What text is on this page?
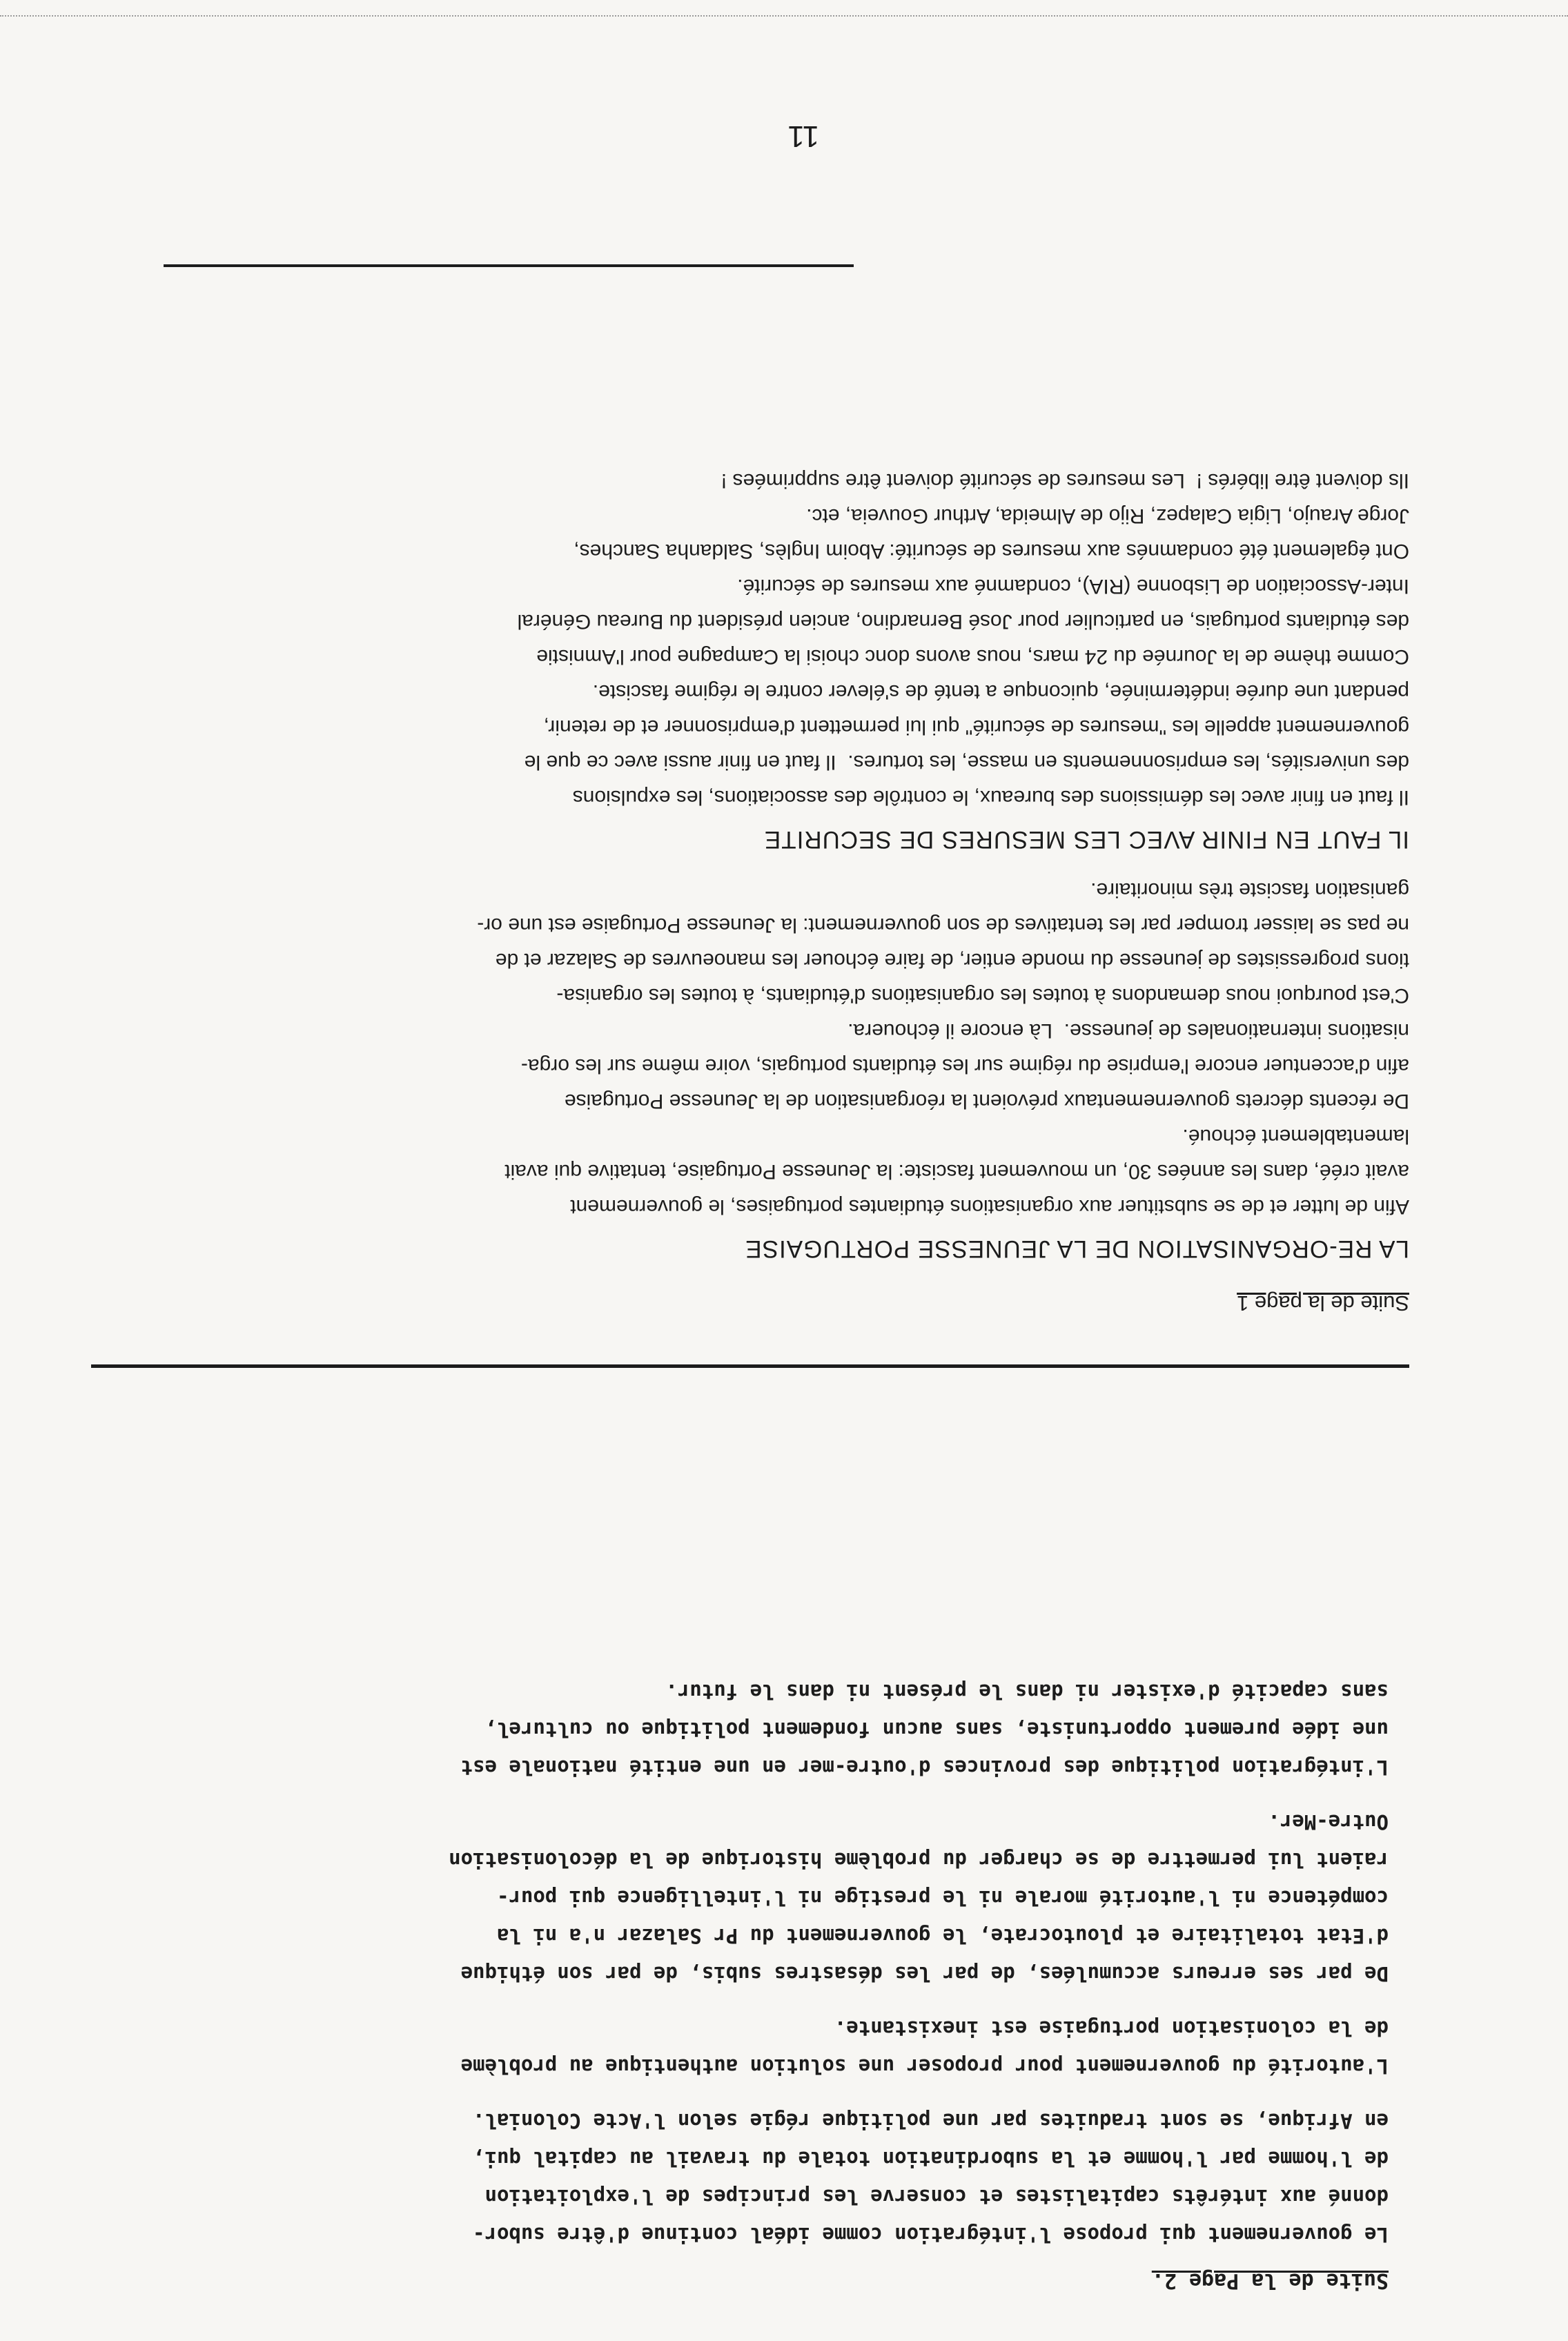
Suite de la Page 2.
Le gouvernement qui propose l'intégration comme idéal continue d'être subor-
donné aux intérêts capitalistes et conserve les principes de l'exploitation
de l'homme par l'homme et la subordination totale du travail au capital qui,
en Afrique, se sont traduites par une politique régie selon l'Acte Colonial.
L'autorité du gouvernement pour proposer une solution authentique au problème
de la colonisation portugaise est inexistante.
De par ses erreurs accumulées, de par les désastres subis, de par son éthique
d'Etat totalitaire et ploutocrate, le gouvernement du Pr Salazar n'a ni la
compétence ni l'autorité morale ni le prestige ni l'intelligence qui pour-
raient lui permettre de se charger du problème historique de la décolonisation
Outre-Mer.
L'intégration politique des provinces d'outre-mer en une entité nationale est
une idée purement opportuniste, sans aucun fondement politique ou culturel,
sans capacité d'exister ni dans le présent ni dans le futur.
Suite de la page 1
LA RE-ORGANISATION DE LA JEUNESSE PORTUGAISE
Afin de lutter et de se substituer aux organisations étudiantes portugaises, le gouvernement
avait créé, dans les années 30, un mouvement fasciste: la Jeunesse Portugaise, tentative qui avait
lamentablement échoué.
De récents décrets gouvernementaux prévoient la réorganisation de la Jeunesse Portugaise
afin d'accentuer encore l'emprise du régime sur les étudiants portugais, voire même sur les orga-
nisations internationales de jeunesse.  Là encore il échouera.
C'est pourquoi nous demandons à toutes les organisations d'étudiants, à toutes les organisa-
tions progressistes de jeunesse du monde entier, de faire échouer les manoeuvres de Salazar et de
ne pas se laisser tromper par les tentatives de son gouvernement: la Jeunesse Portugaise est une or-
ganisation fasciste très minoritaire.
IL FAUT EN FINIR AVEC LES MESURES DE SECURITE
Il faut en finir avec les démissions des bureaux, le contrôle des associations, les expulsions
des universités, les emprisonnements en masse, les tortures.  Il faut en finir aussi avec ce que le
gouvernement appelle les "mesures de sécurité" qui lui permettent d'emprisonner et de retenir,
pendant une durée indéterminée, quiconque a tenté de s'élever contre le régime fasciste.
Comme thème de la Journée du 24 mars, nous avons donc choisi la Campagne pour l'Amnistie
des étudiants portugais, en particulier pour José Bernardino, ancien président du Bureau Général
Inter-Association de Lisbonne (RIA), condamné aux mesures de sécurité.
Ont également été condamnés aux mesures de sécurité: Aboim Inglès, Saldanha Sanches,
Jorge Araujo, Ligia Calapez, Rijo de Almeida, Arthur Gouveia, etc.
Ils doivent être libérés !  Les mesures de sécurité doivent être supprimées !
11
